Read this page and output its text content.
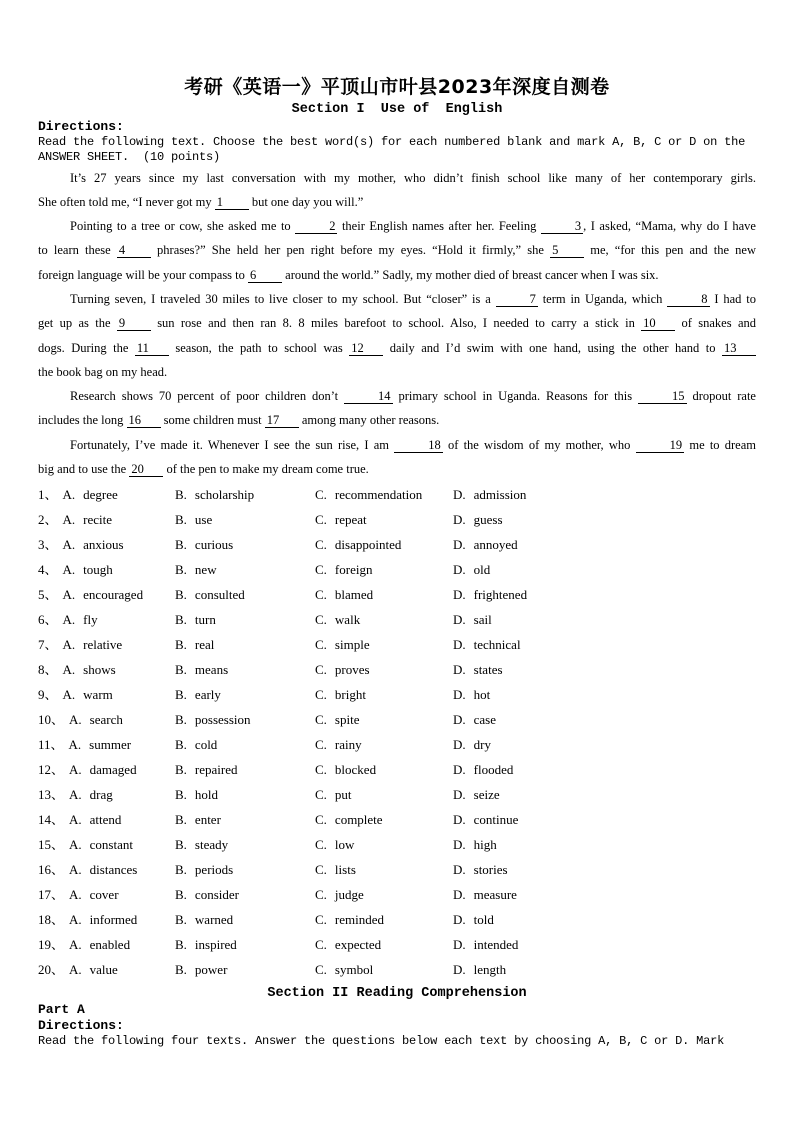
考研《英语一》平顶山市叶县2023年深度自测卷
Section I  Use of  English
Directions:
Read the following text. Choose the best word(s) for each numbered blank and mark A, B, C or D on the
ANSWER SHEET.  (10 points)
It’s 27 years since my last conversation with my mother, who didn’t finish school like many of her contemporary girls.
She often told me, “I never got my 1 but one day you will.”
Pointing to a tree or cow, she asked me to	2 their English names after her. Feeling	3 , I asked, “Mama, why do I have
to learn these 4 phrases?” She held her pen right before my eyes. “Hold it firmly,” she 5 me, “for this pen and the new
foreign language will be your compass to 6 around the world.” Sadly, my mother died of breast cancer when I was six.
Turning seven, I traveled 30 miles to live closer to my school. But “closer” is a	7 term in Uganda, which	8 I had to
get up as the 9 sun rose and then ran 8. 8 miles barefoot to school. Also, I needed to carry a stick in 10 of snakes and
dogs. During the 11 season, the path to school was 12 daily and I’d swim with one hand, using the other hand to 13
the book bag on my head.
Research shows 70 percent of poor children don’t	14 primary school in Uganda. Reasons for this	15 dropout rate
includes the long 16 some children must 17 among many other reasons.
Fortunately, I’ve made it. Whenever I see the sun rise, I am	18 of the wisdom of my mother, who	19 me to dream
big and to use the 20 of the pen to make my dream come true.
1、 A. degree	B. scholarship	C. recommendation	D. admission
2、 A. recite	B. use	C. repeat	D. guess
3、 A. anxious	B. curious	C. disappointed	D. annoyed
4、 A. tough	B. new	C. foreign	D. old
5、 A. encouraged	B. consulted	C. blamed	D. frightened
6、 A. fly	B. turn	C. walk	D. sail
7、 A. relative	B. real	C. simple	D. technical
8、 A. shows	B. means	C. proves	D. states
9、 A. warm	B. early	C. bright	D. hot
10、 A. search	B. possession	C. spite	D. case
11、 A. summer	B. cold	C. rainy	D. dry
12、 A. damaged	B. repaired	C. blocked	D. flooded
13、 A. drag	B. hold	C. put	D. seize
14、 A. attend	B. enter	C. complete	D. continue
15、 A. constant	B. steady	C. low	D. high
16、 A. distances	B. periods	C. lists	D. stories
17、 A. cover	B. consider	C. judge	D. measure
18、 A. informed	B. warned	C. reminded	D. told
19、 A. enabled	B. inspired	C. expected	D. intended
20、 A. value	B. power	C. symbol	D. length
Section II Reading Comprehension
Part A
Directions:
Read the following four texts. Answer the questions below each text by choosing A, B, C or D. Mark
